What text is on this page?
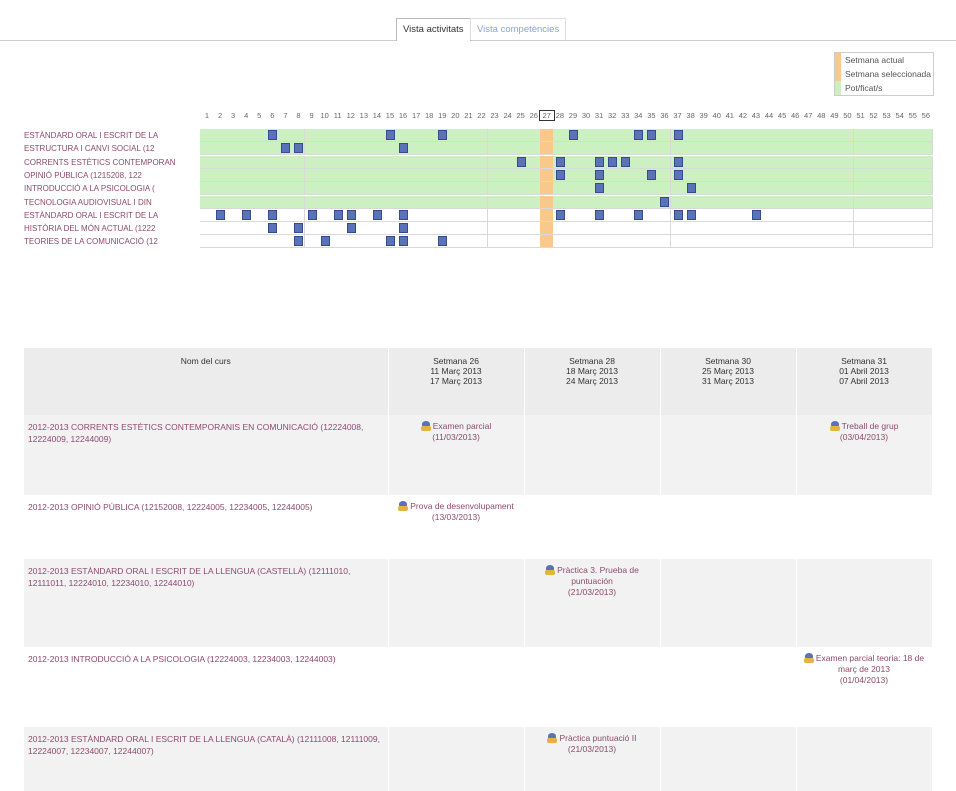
Vista activitats	Vista competències
Setmana actual
Setmana seleccionada
Pot/ficat/s
1	2	3	4	5	6	7	8	9 10 11 12 13 14 15 16 17 18 19 20 21 22 23 24 25 26 27 28 29 30 31 32 33 34 35 36 37 38 39 40 41 42 43 44 45 46 47 48 49 50 51 52 53 54 55 56
ESTÀNDARD ORAL I ESCRIT DE LA
ESTRUCTURA I CANVI SOCIAL (12
CORRENTS ESTÈTICS CONTEMPORAN
OPINIÓ PÚBLICA (1215208, 122
INTRODUCCIÓ A LA PSICOLOGIA (
TECNOLOGIA AUDIOVISUAL I DIN
ESTÀNDARD ORAL I ESCRIT DE LA
HISTÒRIA DEL MÓN ACTUAL (1222
TEORIES DE LA COMUNICACIÓ (12
Nom del curs	Setmana 26
11 Març 2013
17 Març 2013	Setmana 28
18 Març 2013
24 Març 2013	Setmana 30
25 Març 2013
31 Març 2013	Setmana 31
01 Abril 2013
07 Abril 2013
2012-2013 CORRENTS ESTÈTICS CONTEMPORANIS EN COMUNICACIÓ (12224008, 12224009, 12244009)	Examen parcial
(11/03/2013)			Treball de grup
(03/04/2013)

2012-2013 OPINIÓ PÚBLICA (12152008, 12224005, 12234005, 12244005)	Prova de desenvolupament
(13/03/2013)			

2012-2013 ESTÀNDARD ORAL I ESCRIT DE LA LLENGUA (CASTELLÀ) (12111010, 12111011, 12224010, 12234010, 12244010)		Pràctica 3. Prueba de puntuación
(21/03/2013)		

2012-2013 INTRODUCCIÓ A LA PSICOLOGIA (12224003, 12234003, 12244003)				Examen parcial teoria: 18 de març de 2013
(01/04/2013)

2012-2013 ESTÀNDARD ORAL I ESCRIT DE LA LLENGUA (CATALÀ) (12111008, 12111009, 12224007, 12234007, 12244007)		Pràctica puntuació II
(21/03/2013)		
